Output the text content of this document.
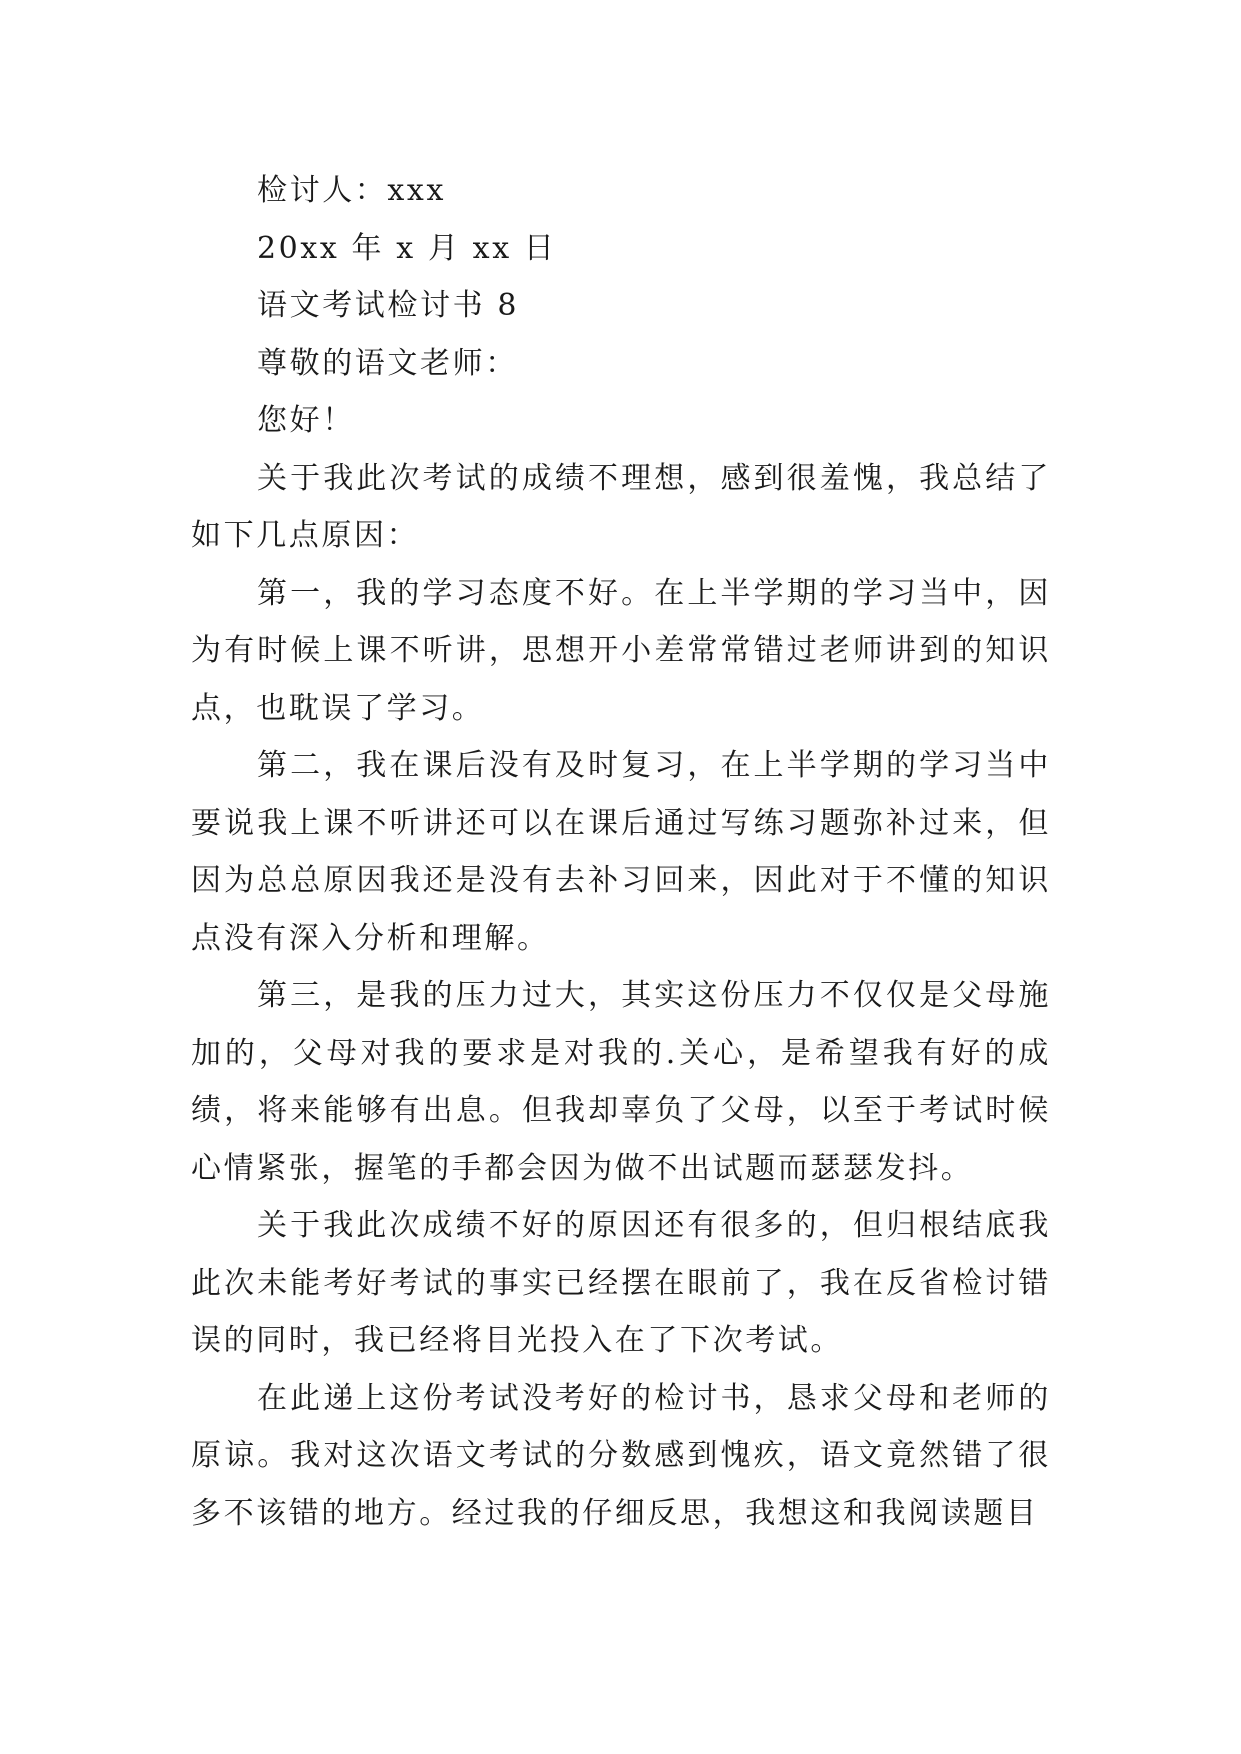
检讨人：xxx

20xx 年 x 月 xx 日

语文考试检讨书 8

尊敬的语文老师：

您好！

关于我此次考试的成绩不理想，感到很羞愧，我总结了如下几点原因：

第一，我的学习态度不好。在上半学期的学习当中，因为有时候上课不听讲，思想开小差常常错过老师讲到的知识点，也耽误了学习。

第二，我在课后没有及时复习，在上半学期的学习当中要说我上课不听讲还可以在课后通过写练习题弥补过来，但因为总总原因我还是没有去补习回来，因此对于不懂的知识点没有深入分析和理解。

第三，是我的压力过大，其实这份压力不仅仅是父母施加的，父母对我的要求是对我的.关心，是希望我有好的成绩，将来能够有出息。但我却辜负了父母，以至于考试时候心情紧张，握笔的手都会因为做不出试题而瑟瑟发抖。

关于我此次成绩不好的原因还有很多的，但归根结底我此次未能考好考试的事实已经摆在眼前了，我在反省检讨错误的同时，我已经将目光投入在了下次考试。

在此递上这份考试没考好的检讨书，恳求父母和老师的原谅。我对这次语文考试的分数感到愧疚，语文竟然错了很多不该错的地方。经过我的仔细反思，我想这和我阅读题目
